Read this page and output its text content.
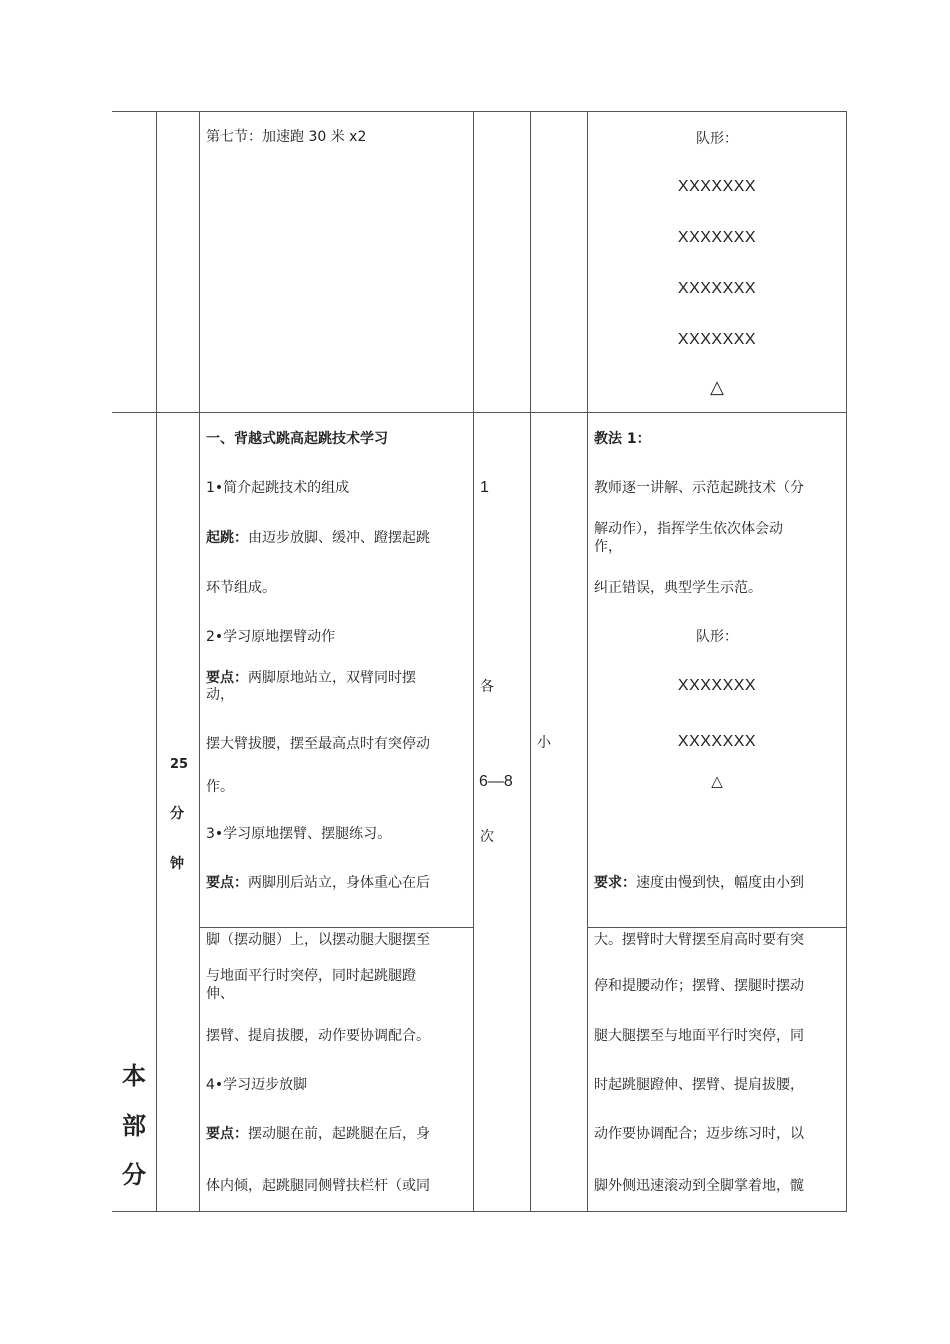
第七节：加速跑 30 米 x2	队形：
XXXXXXX
XXXXXXX
XXXXXXX
XXXXXXX
△
本
部
分
25
分
钟
一、背越式跳高起跳技术学习
1•简介起跳技术的组成
起跳：由迈步放脚、缓冲、蹬摆起跳
环节组成。
2•学习原地摆臂动作
要点：两脚原地站立，双臂同时摆
动，
摆大臂拔腰，摆至最高点时有突停动
作。
3•学习原地摆臂、摆腿练习。
要点：两脚刖后站立，身体重心在后
脚（摆动腿）上，以摆动腿大腿摆至
与地面平行时突停，同时起跳腿蹬
伸、
摆臂、提肩拔腰，动作要协调配合。
4•学习迈步放脚
要点：摆动腿在前，起跳腿在后，身
体内倾，起跳腿同侧臂扶栏杆（或同
1
各
6—8
次
小
教法 1：
教师逐一讲解、示范起跳技术（分
解动作），指挥学生依次体会动
作，
纠正错误，典型学生示范。
队形：
XXXXXXX
XXXXXXX
△
要求：速度由慢到快，幅度由小到
大。摆臂时大臂摆至肩高时要有突
停和提腰动作；摆臂、摆腿时摆动
腿大腿摆至与地面平行时突停，同
时起跳腿蹬伸、摆臂、提肩拔腰，
动作要协调配合；迈步练习时，以
脚外侧迅速滚动到全脚掌着地，髋
